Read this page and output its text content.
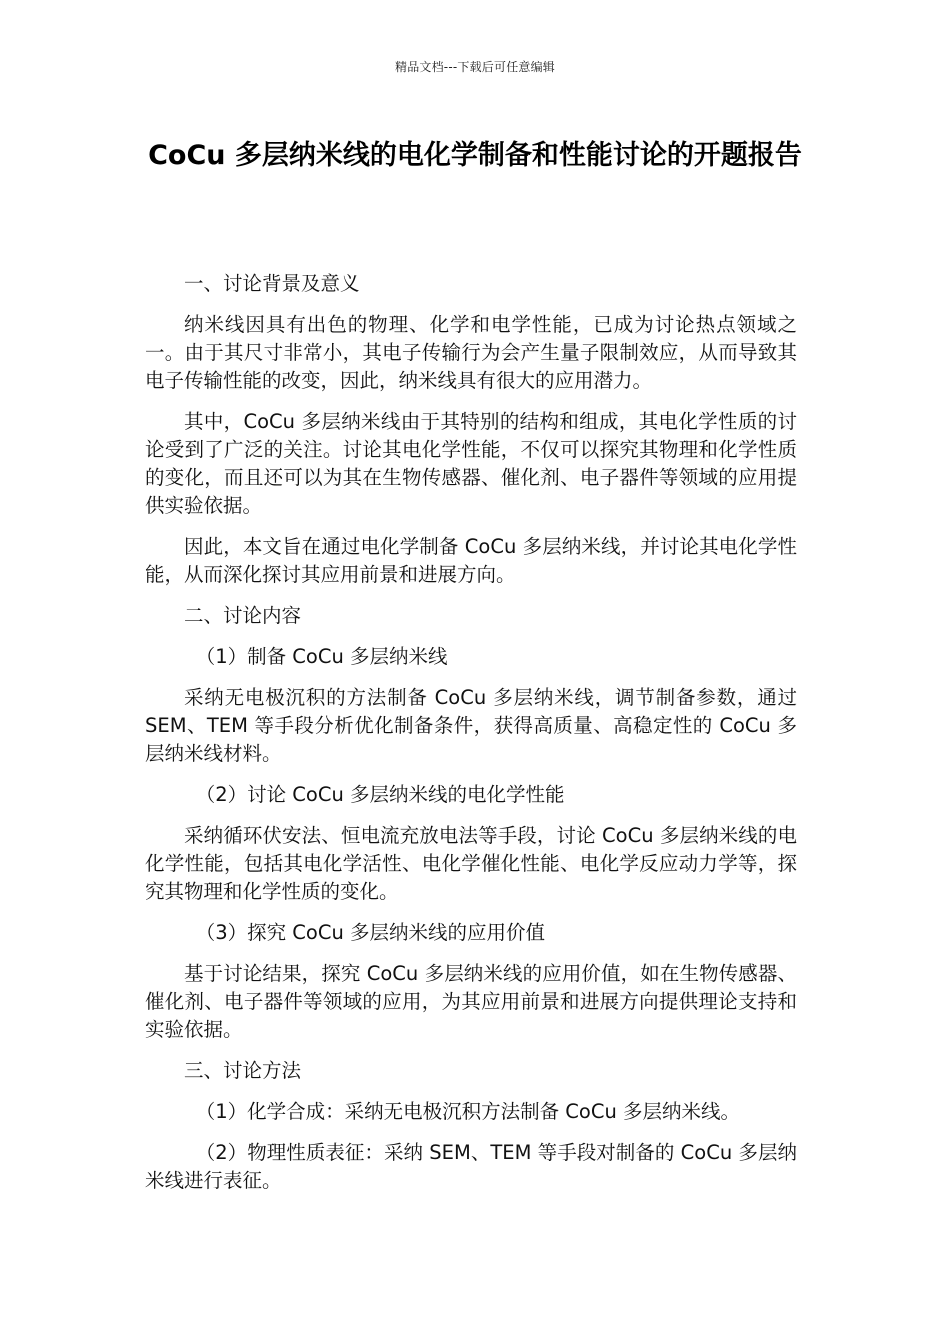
精品文档---下载后可任意编辑
CoCu 多层纳米线的电化学制备和性能讨论的开题报告

一、讨论背景及意义

纳米线因具有出色的物理、化学和电学性能，已成为讨论热点领域之一。由于其尺寸非常小，其电子传输行为会产生量子限制效应，从而导致其电子传输性能的改变，因此，纳米线具有很大的应用潜力。

其中，CoCu 多层纳米线由于其特别的结构和组成，其电化学性质的讨论受到了广泛的关注。讨论其电化学性能，不仅可以探究其物理和化学性质的变化，而且还可以为其在生物传感器、催化剂、电子器件等领域的应用提供实验依据。

因此，本文旨在通过电化学制备 CoCu 多层纳米线，并讨论其电化学性能，从而深化探讨其应用前景和进展方向。

二、讨论内容

（1）制备 CoCu 多层纳米线

采纳无电极沉积的方法制备 CoCu 多层纳米线，调节制备参数，通过 SEM、TEM 等手段分析优化制备条件，获得高质量、高稳定性的 CoCu 多层纳米线材料。

（2）讨论 CoCu 多层纳米线的电化学性能

采纳循环伏安法、恒电流充放电法等手段，讨论 CoCu 多层纳米线的电化学性能，包括其电化学活性、电化学催化性能、电化学反应动力学等，探究其物理和化学性质的变化。

（3）探究 CoCu 多层纳米线的应用价值

基于讨论结果，探究 CoCu 多层纳米线的应用价值，如在生物传感器、催化剂、电子器件等领域的应用，为其应用前景和进展方向提供理论支持和实验依据。

三、讨论方法

（1）化学合成：采纳无电极沉积方法制备 CoCu 多层纳米线。

（2）物理性质表征：采纳 SEM、TEM 等手段对制备的 CoCu 多层纳米线进行表征。
